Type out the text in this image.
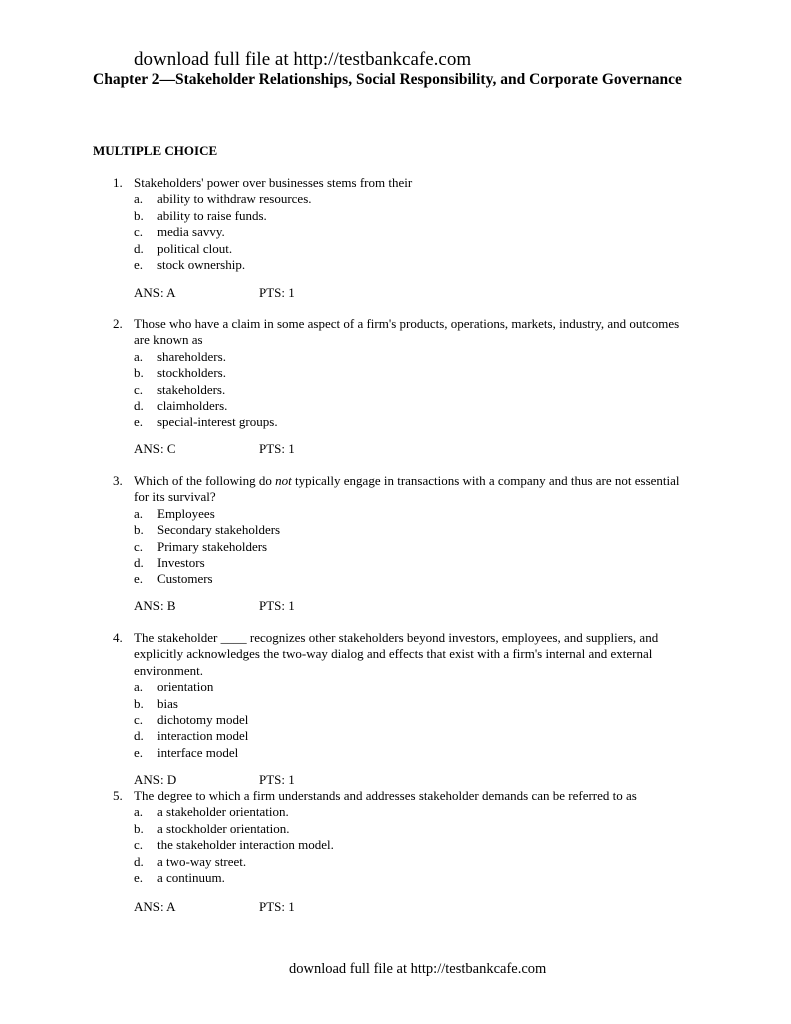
download full file at http://testbankcafe.com
Chapter 2—Stakeholder Relationships, Social Responsibility, and Corporate Governance
MULTIPLE CHOICE
1. Stakeholders' power over businesses stems from their
a. ability to withdraw resources.
b. ability to raise funds.
c. media savvy.
d. political clout.
e. stock ownership.
ANS: A	PTS: 1
2. Those who have a claim in some aspect of a firm's products, operations, markets, industry, and outcomes are known as
a. shareholders.
b. stockholders.
c. stakeholders.
d. claimholders.
e. special-interest groups.
ANS: C	PTS: 1
3. Which of the following do not typically engage in transactions with a company and thus are not essential for its survival?
a. Employees
b. Secondary stakeholders
c. Primary stakeholders
d. Investors
e. Customers
ANS: B	PTS: 1
4. The stakeholder ____ recognizes other stakeholders beyond investors, employees, and suppliers, and explicitly acknowledges the two-way dialog and effects that exist with a firm's internal and external environment.
a. orientation
b. bias
c. dichotomy model
d. interaction model
e. interface model
ANS: D	PTS: 1
5. The degree to which a firm understands and addresses stakeholder demands can be referred to as
a. a stakeholder orientation.
b. a stockholder orientation.
c. the stakeholder interaction model.
d. a two-way street.
e. a continuum.
ANS: A	PTS: 1
download full file at http://testbankcafe.com
